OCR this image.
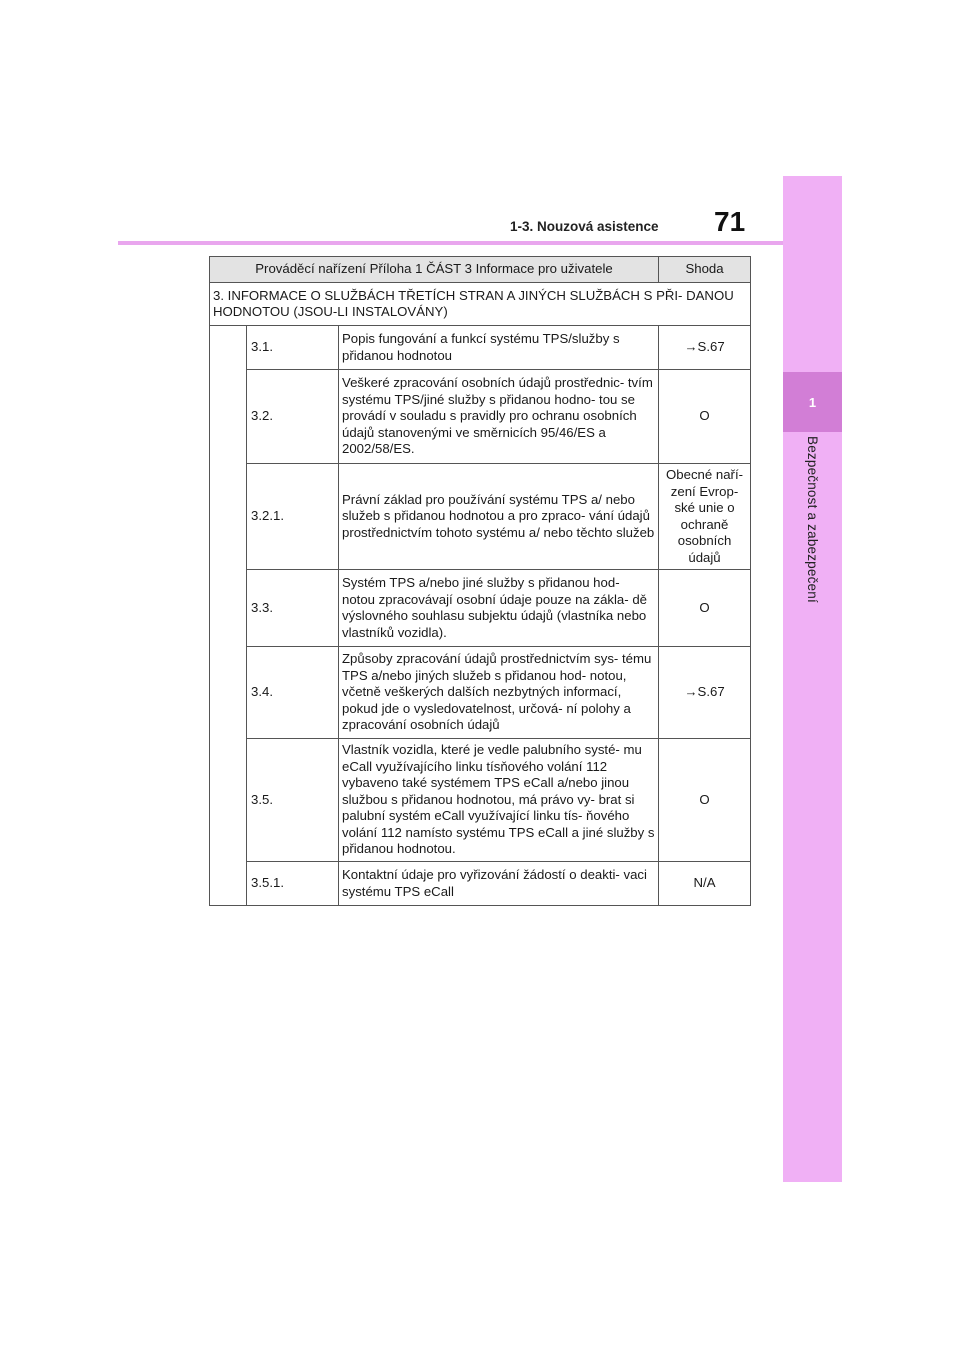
1
Bezpečnost a zabezpečení
1-3. Nouzová asistence 71
Prováděcí nařízení Příloha 1 ČÁST 3 Informace pro uživatele			Shoda
3. INFORMACE O SLUŽBÁCH TŘETÍCH STRAN A JINÝCH SLUŽBÁCH S PŘI- DANOU HODNOTOU (JSOU-LI INSTALOVÁNY)			
	3.1.	Popis fungování a funkcí systému TPS/služby s přidanou hodnotou	→S.67
	3.2.	Veškeré zpracování osobních údajů prostřednic- tvím systému TPS/jiné služby s přidanou hodno- tou se provádí v souladu s pravidly pro ochranu osobních údajů stanovenými ve směrnicích 95/46/ES a 2002/58/ES.	O
	3.2.1.	Právní základ pro používání systému TPS a/ nebo služeb s přidanou hodnotou a pro zpraco- vání údajů prostřednictvím tohoto systému a/ nebo těchto služeb	Obecné naří- zení Evrop- ské unie o ochraně osobních údajů
	3.3.	Systém TPS a/nebo jiné služby s přidanou hod- notou zpracovávají osobní údaje pouze na zákla- dě výslovného souhlasu subjektu údajů (vlastníka nebo vlastníků vozidla).	O
	3.4.	Způsoby zpracování údajů prostřednictvím sys- tému TPS a/nebo jiných služeb s přidanou hod- notou, včetně veškerých dalších nezbytných informací, pokud jde o vysledovatelnost, určová- ní polohy a zpracování osobních údajů	→S.67
	3.5.	Vlastník vozidla, které je vedle palubního systé- mu eCall využívajícího linku tísňového volání 112 vybaveno také systémem TPS eCall a/nebo jinou službou s přidanou hodnotou, má právo vy- brat si palubní systém eCall využívající linku tís- ňového volání 112 namísto systému TPS eCall a jiné služby s přidanou hodnotou.	O
	3.5.1.	Kontaktní údaje pro vyřizování žádostí o deakti- vaci systému TPS eCall	N/A
